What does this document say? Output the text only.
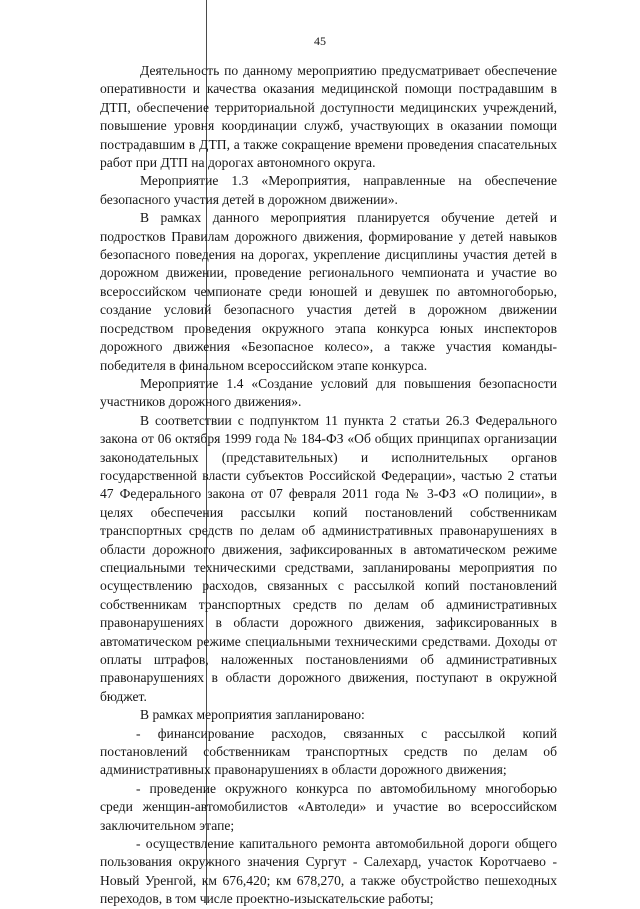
45

Деятельность по данному мероприятию предусматривает обеспечение оперативности и качества оказания медицинской помощи пострадавшим в ДТП, обеспечение территориальной доступности медицинских учреждений, повышение уровня координации служб, участвующих в оказании помощи пострадавшим в ДТП, а также сокращение времени проведения спасательных работ при ДТП на дорогах автономного округа.

Мероприятие 1.3 «Мероприятия, направленные на обеспечение безопасного участия детей в дорожном движении».

В рамках данного мероприятия планируется обучение детей и подростков Правилам дорожного движения, формирование у детей навыков безопасного поведения на дорогах, укрепление дисциплины участия детей в дорожном движении, проведение регионального чемпионата и участие во всероссийском чемпионате среди юношей и девушек по автомногоборью, создание условий безопасного участия детей в дорожном движении посредством проведения окружного этапа конкурса юных инспекторов дорожного движения «Безопасное колесо», а также участия команды-победителя в финальном всероссийском этапе конкурса.

Мероприятие 1.4 «Создание условий для повышения безопасности участников дорожного движения».

В соответствии с подпунктом 11 пункта 2 статьи 26.3 Федерального закона от 06 октября 1999 года № 184-ФЗ «Об общих принципах организации законодательных (представительных) и исполнительных органов государственной власти субъектов Российской Федерации», частью 2 статьи 47 Федерального закона от 07 февраля 2011 года № 3-ФЗ «О полиции», в целях обеспечения рассылки копий постановлений собственникам транспортных средств по делам об административных правонарушениях в области дорожного движения, зафиксированных в автоматическом режиме специальными техническими средствами, запланированы мероприятия по осуществлению расходов, связанных с рассылкой копий постановлений собственникам транспортных средств по делам об административных правонарушениях в области дорожного движения, зафиксированных в автоматическом режиме специальными техническими средствами. Доходы от оплаты штрафов, наложенных постановлениями об административных правонарушениях в области дорожного движения, поступают в окружной бюджет.

В рамках мероприятия запланировано:

- финансирование расходов, связанных с рассылкой копий постановлений собственникам транспортных средств по делам об административных правонарушениях в области дорожного движения;

- проведение окружного конкурса по автомобильному многоборью среди женщин-автомобилистов «Автоледи» и участие во всероссийском заключительном этапе;

- осуществление капитального ремонта автомобильной дороги общего пользования окружного значения Сургут - Салехард, участок Коротчаево - Новый Уренгой, км 676,420; км 678,270, а также обустройство пешеходных переходов, в том числе проектно-изыскательские работы;
